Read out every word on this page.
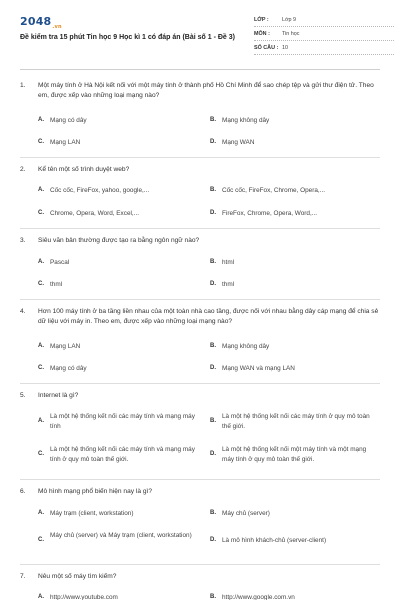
$2048_{.vn}$
Đề kiểm tra 15 phút Tin học 9 Học kì 1 có đáp án (Bài số 1 - Đề 3)
LỚP :	Lớp 9
MÔN :	Tin học
SỐ CÂU : 10
1.	Một máy tính ở Hà Nội kết nối với một máy tính ở thành phố Hồ Chí Minh để sao chép tệp và gửi thư điện tử. Theo em, được xếp vào những loại mạng nào?
A. Mạng có dây	B. Mạng không dây
C. Mạng LAN	D. Mạng WAN
2.	Kể tên một số trình duyệt web?
A. Cốc cốc, FireFox, yahoo, google,...	B. Cốc cốc, FireFox, Chrome, Opera,...
C. Chrome, Opera, Word, Excel,...	D. FireFox, Chrome, Opera, Word,...
3.	Siêu văn bản thường được tạo ra bằng ngôn ngữ nào?
A. Pascal	B. html
C. thml	D. thml
4.	Hơn 100 máy tính ở ba tầng liền nhau của một toàn nhà cao tầng, được nối với nhau bằng dây cáp mạng để chia sẻ dữ liệu với máy in. Theo em, được xếp vào những loại mạng nào?
A. Mạng LAN	B. Mạng không dây
C. Mạng có dây	D. Mạng WAN và mạng LAN
5.	Internet là gì?
A.
Là một hệ thống kết nối các máy tính và mạng máy tính
B.
Là một hệ thống kết nối các máy tính ở quy mô toàn thế giới.
C.
Là một hệ thống kết nối các máy tính và mạng máy tính ở quy mô toàn thế giới.
D.
Là một hệ thống kết nối một máy tính và một mạng máy tính ở quy mô toàn thế giới.
6.	Mô hình mạng phổ biến hiện nay là gì?
A. Máy trạm (client, workstation)	B. Máy chủ (server)
C.
Máy chủ (server) và Máy trạm (client, workstation)
D. Là mô hình khách-chủ (server-client)
7.	Nêu một số máy tìm kiếm?
A. http://www.youtube.com	B. http://www.google.com.vn
